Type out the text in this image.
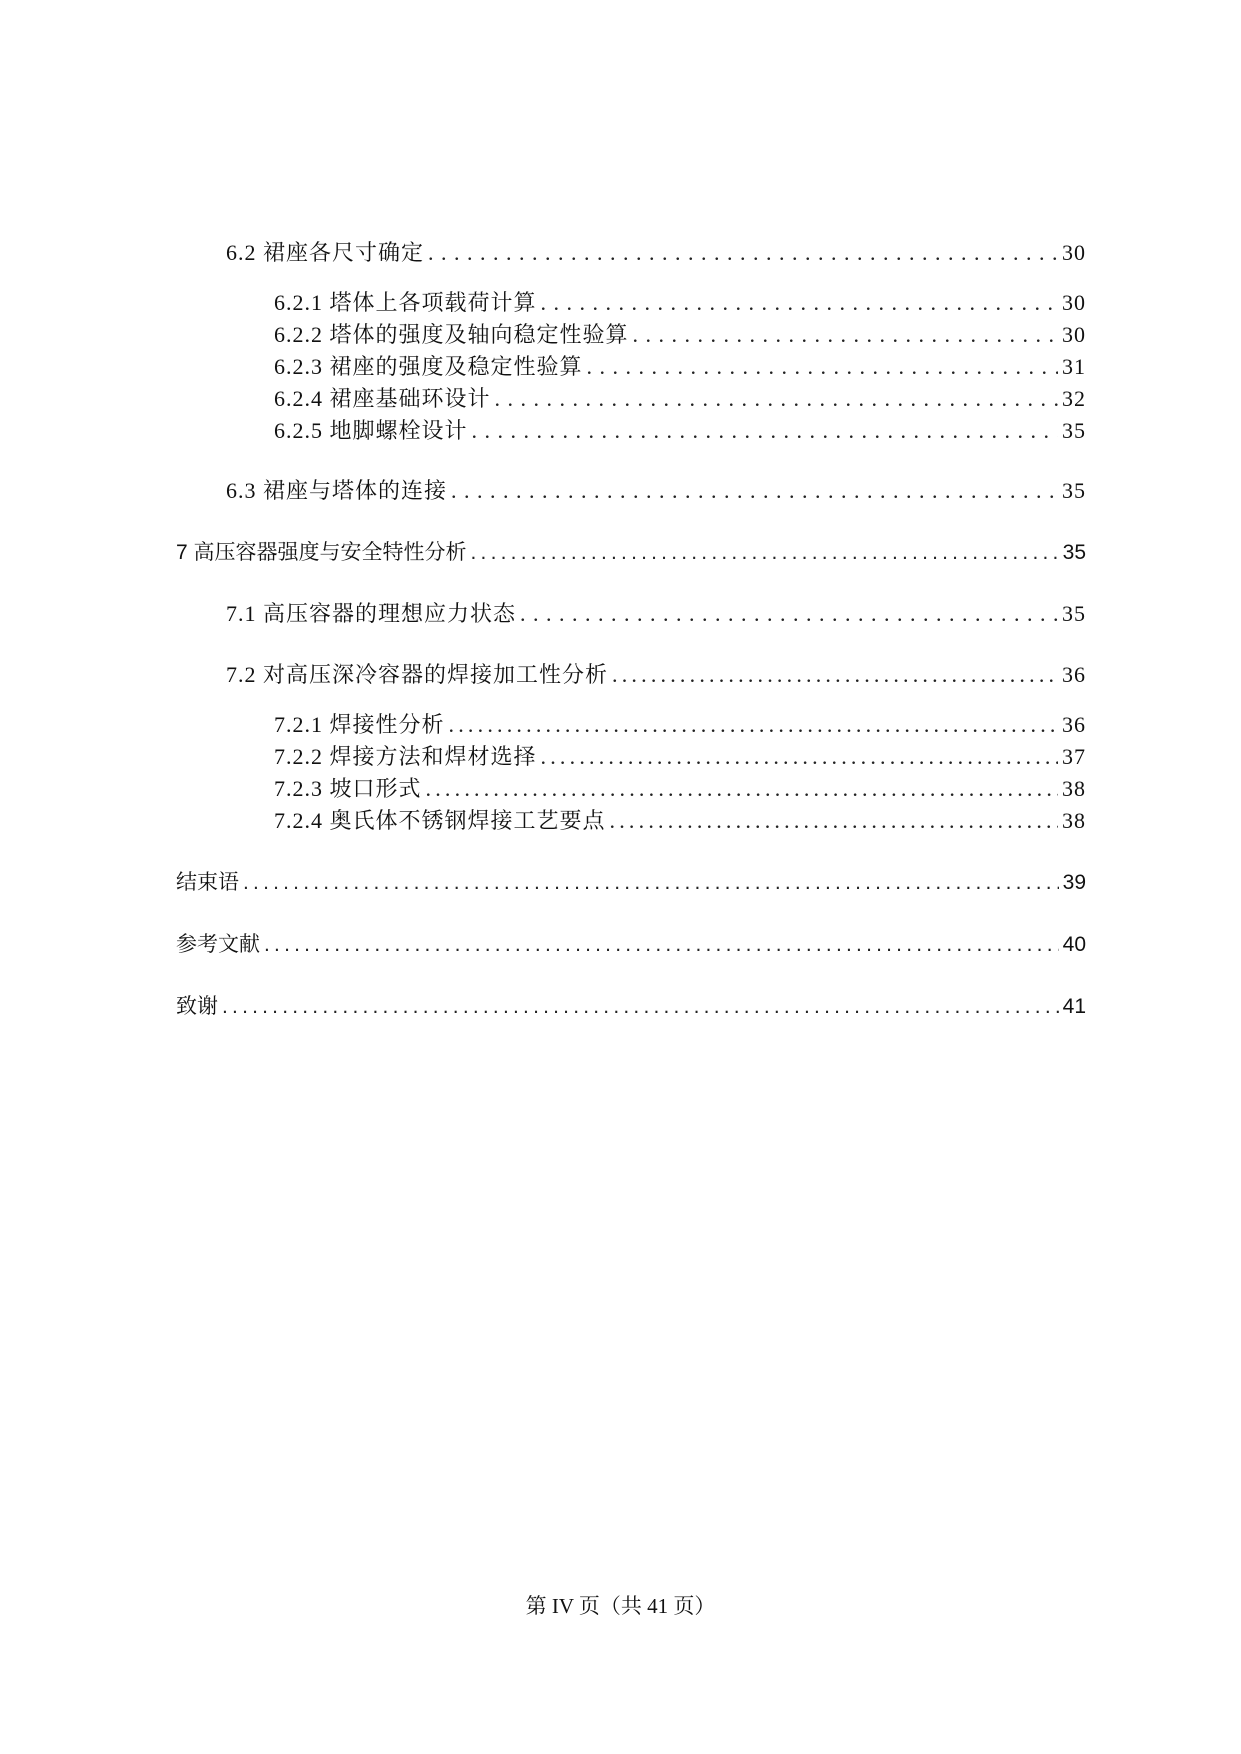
6.2 裙座各尺寸确定 . . .	30
6.2.1 塔体上各项载荷计算 . . .	30
6.2.2 塔体的强度及轴向稳定性验算 . . .	30
6.2.3 裙座的强度及稳定性验算 . . .	31
6.2.4 裙座基础环设计 . . .	32
6.2.5 地脚螺栓设计 . . .	35
6.3 裙座与塔体的连接 . . .	35
7 高压容器强度与安全特性分析 .....	35
7.1 高压容器的理想应力状态 . . .	35
7.2 对高压深冷容器的焊接加工性分析 .....	36
7.2.1 焊接性分析 .....	36
7.2.2 焊接方法和焊材选择 .....	37
7.2.3 坡口形式 .....	38
7.2.4 奥氏体不锈钢焊接工艺要点 .....	38
结束语 .....	39
参考文献 .....	40
致谢 .....	41
第 IV 页（共 41 页）
